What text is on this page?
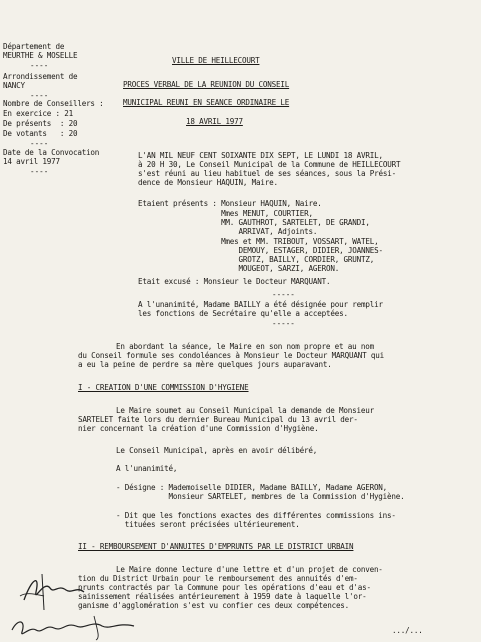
Département de
MEURTHE & MOSELLE
----
Arrondissement de
NANCY
----
Nombre de Conseillers :
En exercice : 21
De présents  : 20
De votants   : 20
----
Date de la Convocation
14 avril 1977
----
VILLE DE HEILLECOURT
PROCES VERBAL DE LA REUNION DU CONSEIL
MUNICIPAL REUNI EN SEANCE ORDINAIRE LE
18 AVRIL 1977
L'AN MIL NEUF CENT SOIXANTE DIX SEPT, LE LUNDI 18 AVRIL,
à 20 H 30, Le Conseil Municipal de la Commune de HEILLECOURT
s'est réuni au lieu habituel de ses séances, sous la Prési-
dence de Monsieur HAQUIN, Maire.
Etaient présents : Monsieur HAQUIN, Naire.
Mmes MENUT, COURTIER,
MM. GAUTHROT, SARTELET, DE GRANDI,
ARRIVAT, Adjoints.
Mmes et MM. TRIBOUT, VOSSART, WATEL,
DEMOUY, ESTAGER, DIDIER, JOANNES-
GROTZ, BAILLY, CORDIER, GRUNTZ,
MOUGEOT, SARZI, AGERON.
Etait excusé : Monsieur le Docteur MARQUANT.
-----
A l'unanimité, Madame BAILLY a été désignée pour remplir
les fonctions de Secrétaire qu'elle a acceptées.
-----
En abordant la séance, le Maire en son nom propre et au nom
du Conseil formule ses condoléances à Monsieur le Docteur MARQUANT qui
a eu la peine de perdre sa mère quelques jours auparavant.
I - CREATION D'UNE COMMISSION D'HYGIENE
Le Maire soumet au Conseil Municipal la demande de Monsieur
SARTELET faite lors du dernier Bureau Municipal du 13 avril der-
nier concernant la création d'une Commission d'Hygiène.
Le Conseil Municipal, après en avoir délibéré,
A l'unanimité,
- Désigne : Mademoiselle DIDIER, Madame BAILLY, Madame AGERON,
Monsieur SARTELET, membres de la Commission d'Hygiène.
- Dit que les fonctions exactes des différentes commissions ins-
tituées seront précisées ultérieurement.
II - REMBOURSEMENT D'ANNUITES D'EMPRUNTS PAR LE DISTRICT URBAIN
Le Maire donne lecture d'une lettre et d'un projet de conven-
tion du District Urbain pour le remboursement des annuités d'em-
prunts contractés par la Commune pour les opérations d'eau et d'as-
sainissement réalisées antérieurement à 1959 date à laquelle l'or-
ganisme d'agglomération s'est vu confier ces deux compétences.
.../...
